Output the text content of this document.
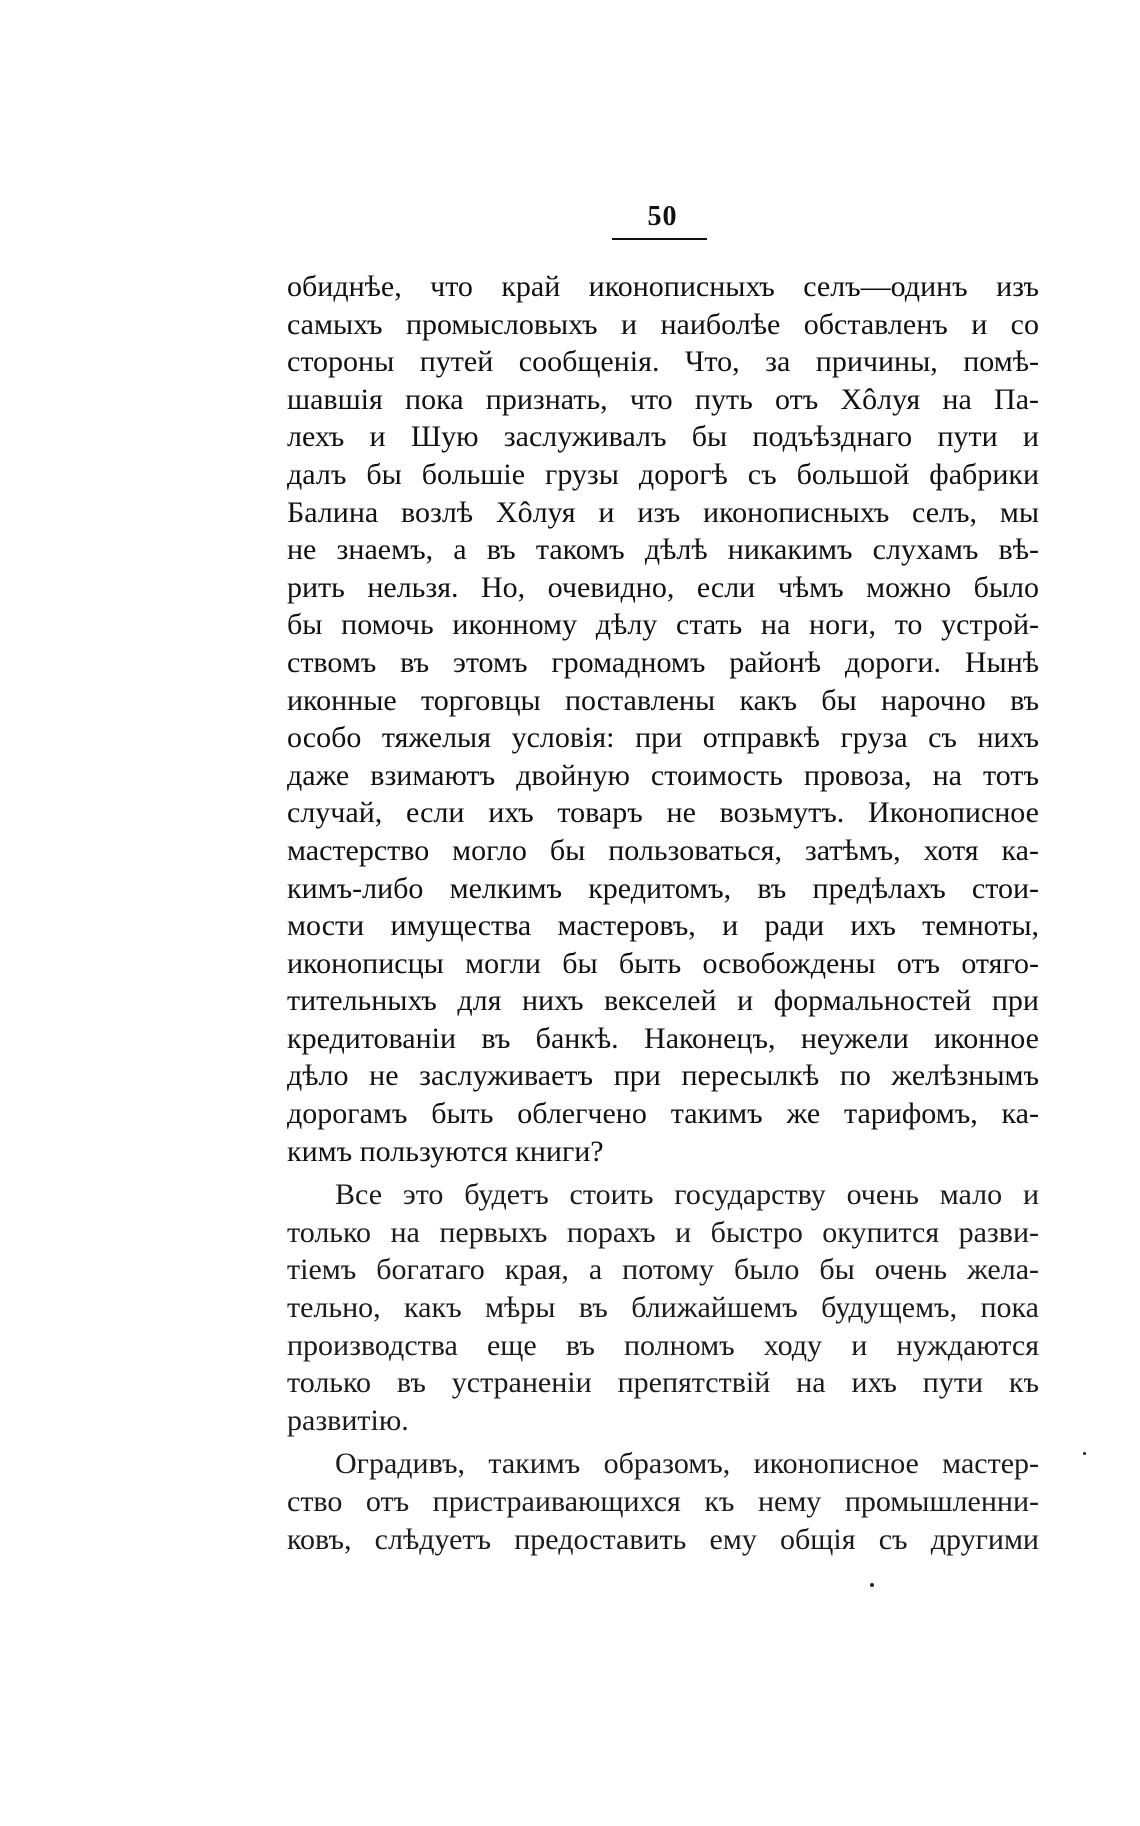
50
обиднѣе, что край иконописныхъ селъ—одинъ изъ
самыхъ промысловыхъ и наиболѣе обставленъ и со
стороны путей сообщенія. Что, за причины, помѣ-
шавшія пока признать, что путь отъ Хôлуя на Па-
лехъ и Шую заслуживалъ бы подъѣзднаго пути и
далъ бы большіе грузы дорогѣ съ большой фабрики
Балина возлѣ Хôлуя и изъ иконописныхъ селъ, мы
не знаемъ, а въ такомъ дѣлѣ никакимъ слухамъ вѣ-
рить нельзя. Но, очевидно, если чѣмъ можно было
бы помочь иконному дѣлу стать на ноги, то устрой-
ствомъ въ этомъ громадномъ районѣ дороги. Нынѣ
иконные торговцы поставлены какъ бы нарочно въ
особо тяжелыя условія: при отправкѣ груза съ нихъ
даже взимаютъ двойную стоимость провоза, на тотъ
случай, если ихъ товаръ не возьмутъ. Иконописное
мастерство могло бы пользоваться, затѣмъ, хотя ка-
кимъ-либо мелкимъ кредитомъ, въ предѣлахъ стои-
мости имущества мастеровъ, и ради ихъ темноты,
иконописцы могли бы быть освобождены отъ отяго-
тительныхъ для нихъ векселей и формальностей при
кредитованіи въ банкѣ. Наконецъ, неужели иконное
дѣло не заслуживаетъ при пересылкѣ по желѣзнымъ
дорогамъ быть облегчено такимъ же тарифомъ, ка-
кимъ пользуются книги?
Все это будетъ стоить государству очень мало и
только на первыхъ порахъ и быстро окупится разви-
тіемъ богатаго края, а потому было бы очень жела-
тельно, какъ мѣры въ ближайшемъ будущемъ, пока
производства еще въ полномъ ходу и нуждаются
только въ устраненіи препятствій на ихъ пути къ
развитію.
Оградивъ, такимъ образомъ, иконописное мастер-
ство отъ пристраивающихся къ нему промышленни-
ковъ, слѣдуетъ предоставить ему общія съ другими
